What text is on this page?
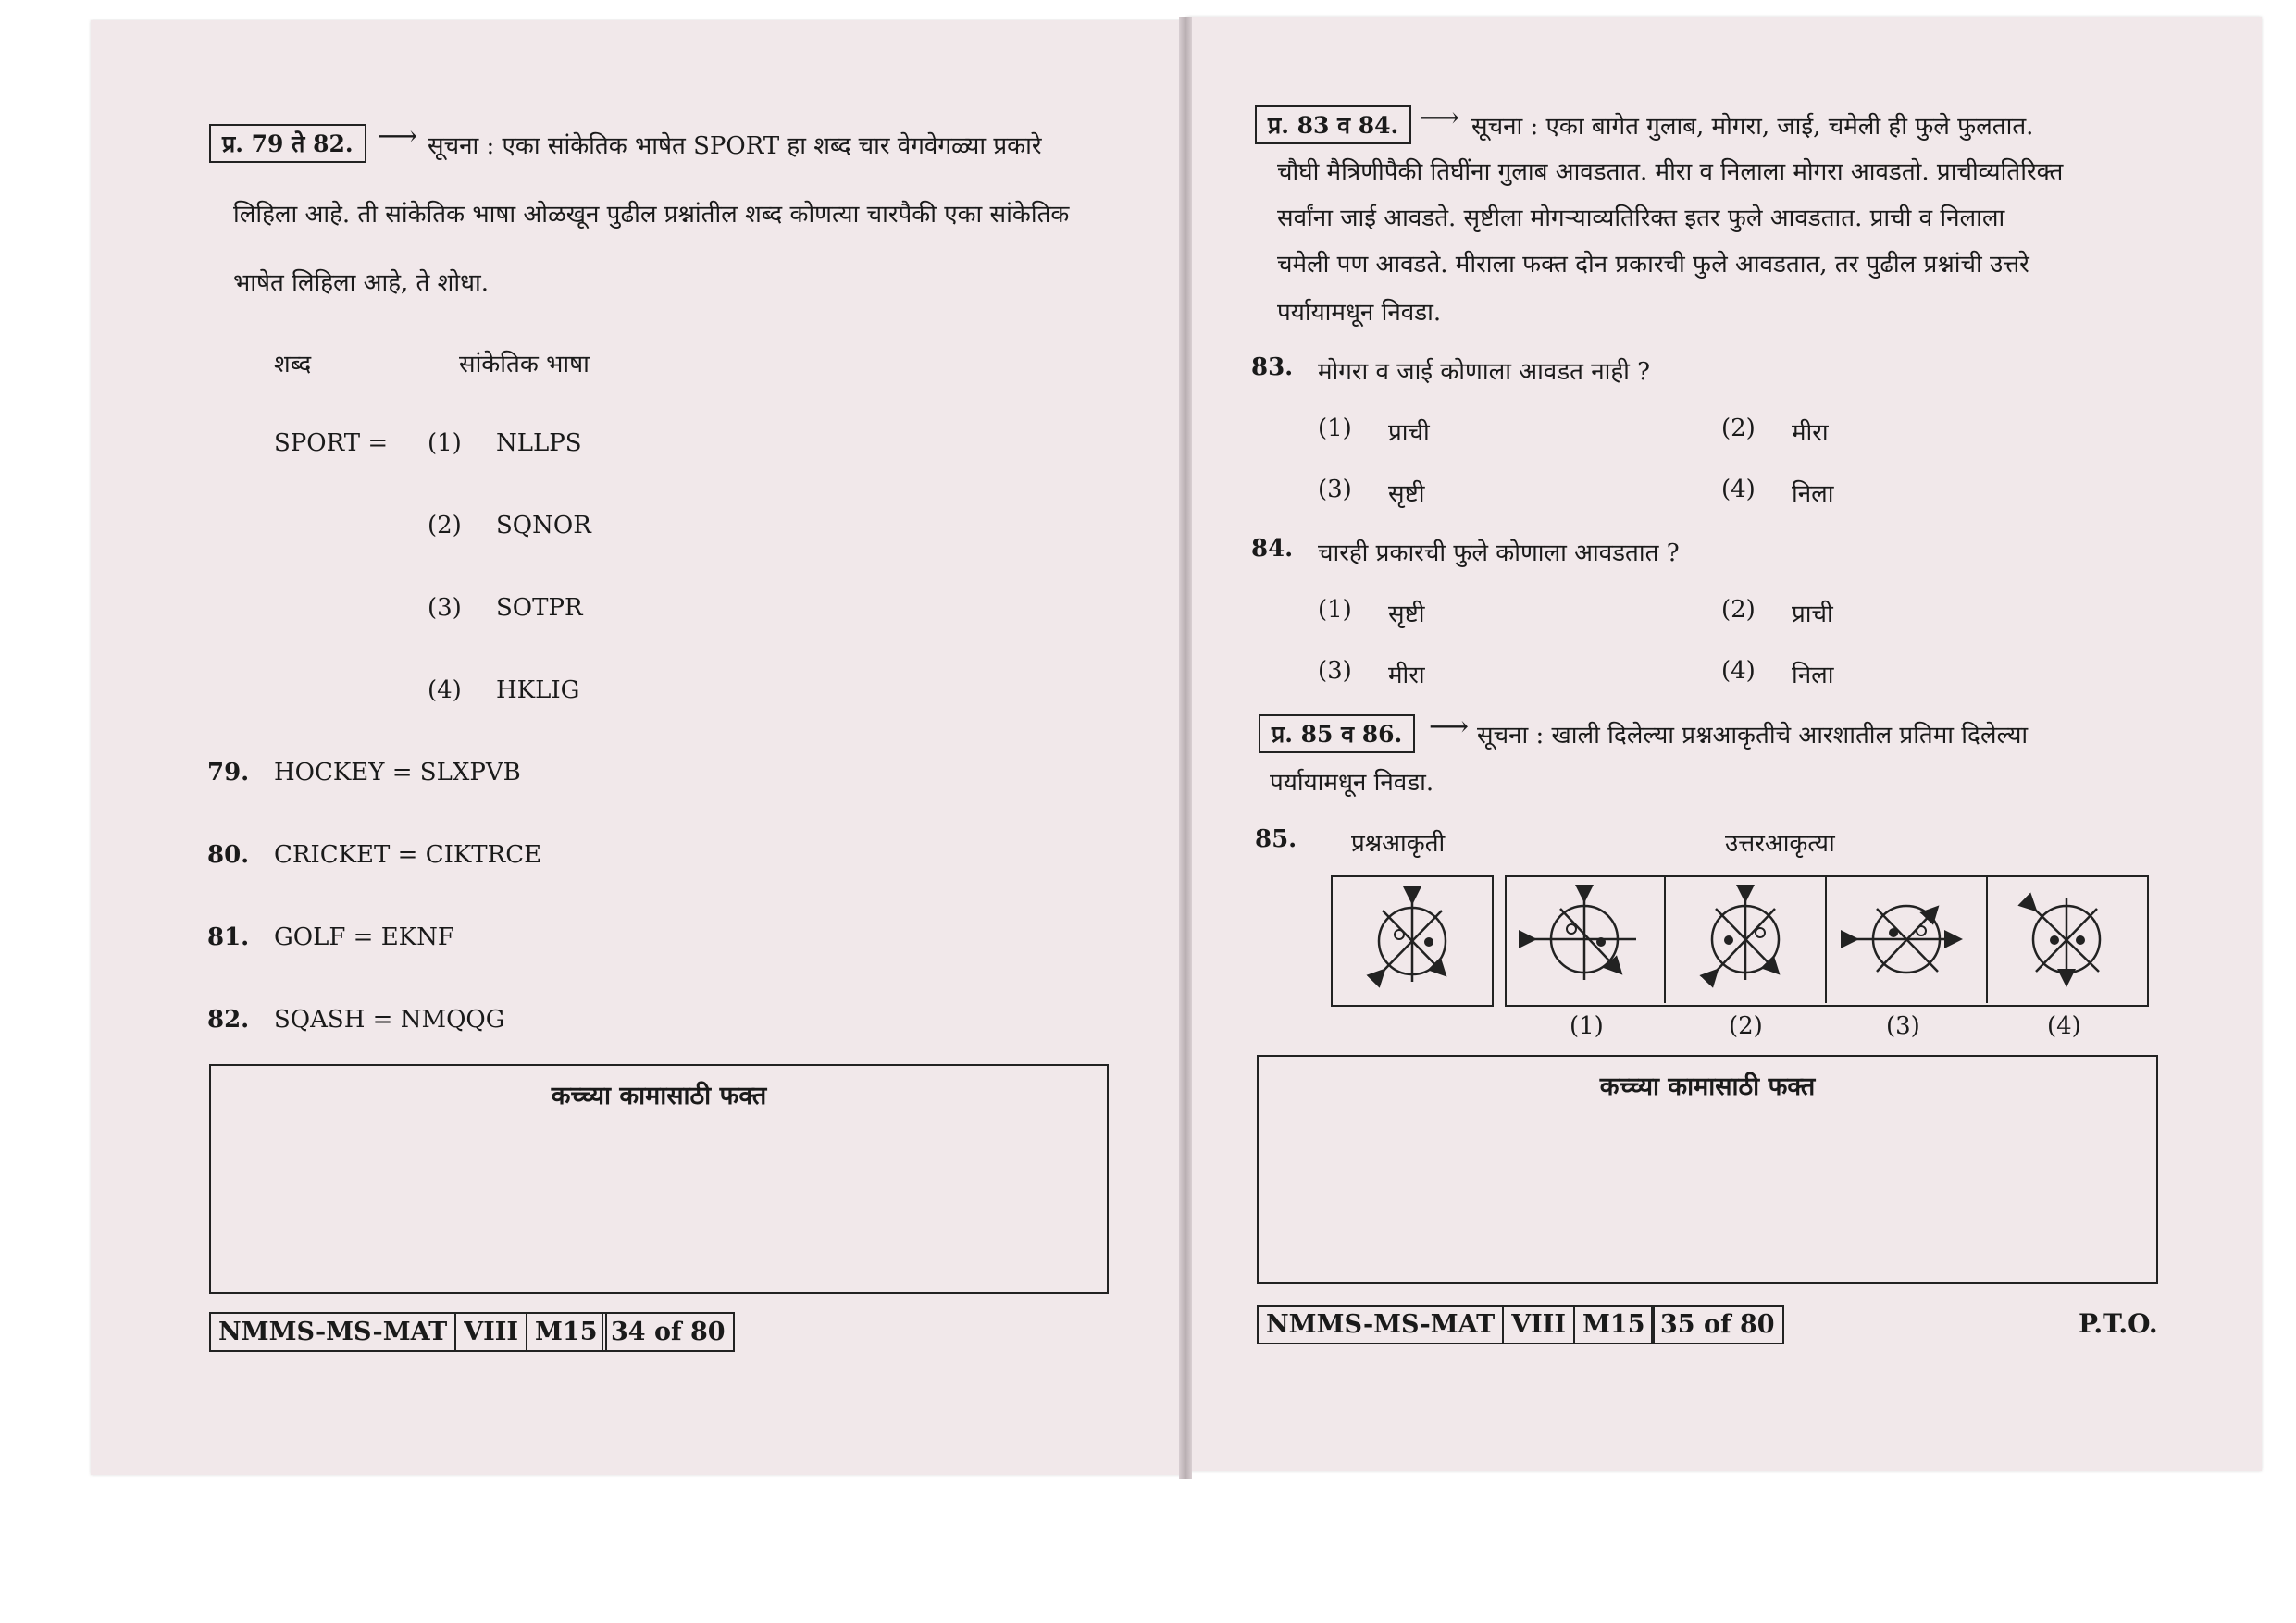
प्र. 79 ते 82. ⟶ सूचना : एका सांकेतिक भाषेत SPORT हा शब्द चार वेगवेगळ्या प्रकारे
लिहिला आहे. ती सांकेतिक भाषा ओळखून पुढील प्रश्नांतील शब्द कोणत्या चारपैकी एका सांकेतिक
भाषेत लिहिला आहे, ते शोधा.
शब्द	सांकेतिक भाषा
SPORT = (1) NLLPS
(2) SQNOR
(3) SOTPR
(4) HKLIG
79. HOCKEY = SLXPVB
80. CRICKET = CIKTRCE
81. GOLF = EKNF
82. SQASH = NMQQG
कच्च्या कामासाठी फक्त
NMMS-MS-MAT VIII M15 34 of 80
प्र. 83 व 84. ⟶ सूचना : एका बागेत गुलाब, मोगरा, जाई, चमेली ही फुले फुलतात.
चौघी मैत्रिणीपैकी तिघींना गुलाब आवडतात. मीरा व निलाला मोगरा आवडतो. प्राचीव्यतिरिक्त
सर्वांना जाई आवडते. सृष्टीला मोगऱ्याव्यतिरिक्त इतर फुले आवडतात. प्राची व निलाला
चमेली पण आवडते. मीराला फक्त दोन प्रकारची फुले आवडतात, तर पुढील प्रश्नांची उत्तरे
पर्यायामधून निवडा.
83. मोगरा व जाई कोणाला आवडत नाही ?
(1) प्राची	(2) मीरा
(3) सृष्टी	(4) निला
84. चारही प्रकारची फुले कोणाला आवडतात ?
(1) सृष्टी	(2) प्राची
(3) मीरा	(4) निला
प्र. 85 व 86. ⟶ सूचना : खाली दिलेल्या प्रश्नआकृतीचे आरशातील प्रतिमा दिलेल्या
पर्यायामधून निवडा.
85. प्रश्नआकृती	उत्तरआकृत्या
(1)	(2)	(3)	(4)
कच्च्या कामासाठी फक्त
NMMS-MS-MAT VIII M15 35 of 80	P.T.O.
